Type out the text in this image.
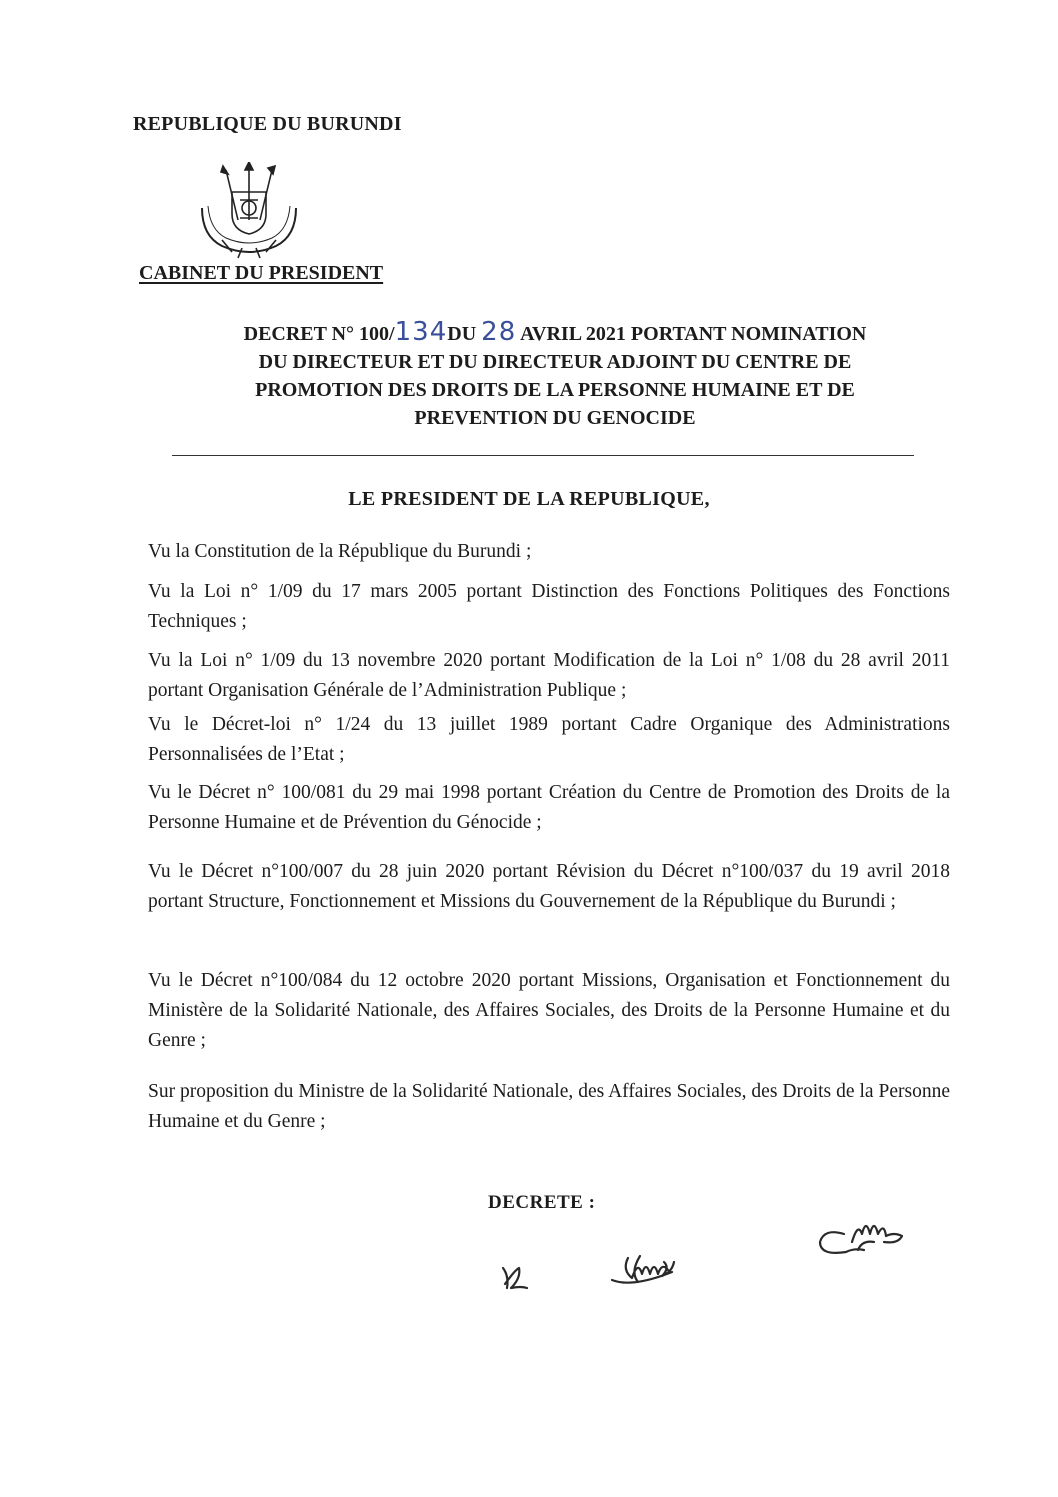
REPUBLIQUE DU BURUNDI
CABINET DU PRESIDENT
DECRET N° 100/134DU 28 AVRIL 2021 PORTANT NOMINATION
DU DIRECTEUR ET DU DIRECTEUR ADJOINT DU CENTRE DE
PROMOTION DES DROITS DE LA PERSONNE HUMAINE ET DE
PREVENTION DU GENOCIDE
LE PRESIDENT DE LA REPUBLIQUE,
Vu la Constitution de la République du Burundi ;
Vu la Loi n° 1/09 du 17 mars 2005 portant Distinction des Fonctions Politiques des Fonctions Techniques ;
Vu la Loi n° 1/09 du 13 novembre 2020 portant Modification de la Loi n° 1/08 du 28 avril 2011 portant Organisation Générale de l’Administration Publique ;
Vu le Décret-loi n° 1/24 du 13 juillet 1989 portant Cadre Organique des Administrations Personnalisées de l’Etat ;
Vu le Décret n° 100/081 du 29 mai 1998 portant Création du Centre de Promotion des Droits de la Personne Humaine et de Prévention du Génocide ;
Vu le Décret n°100/007 du 28 juin 2020 portant Révision du Décret n°100/037 du 19 avril 2018 portant Structure, Fonctionnement et Missions du Gouvernement de la République du Burundi ;
Vu le Décret n°100/084 du 12 octobre 2020 portant Missions, Organisation et Fonctionnement du Ministère de la Solidarité Nationale, des Affaires Sociales, des Droits de la Personne Humaine et du Genre ;
Sur proposition du Ministre de la Solidarité Nationale, des Affaires Sociales, des Droits de la Personne Humaine et du Genre ;
DECRETE :
